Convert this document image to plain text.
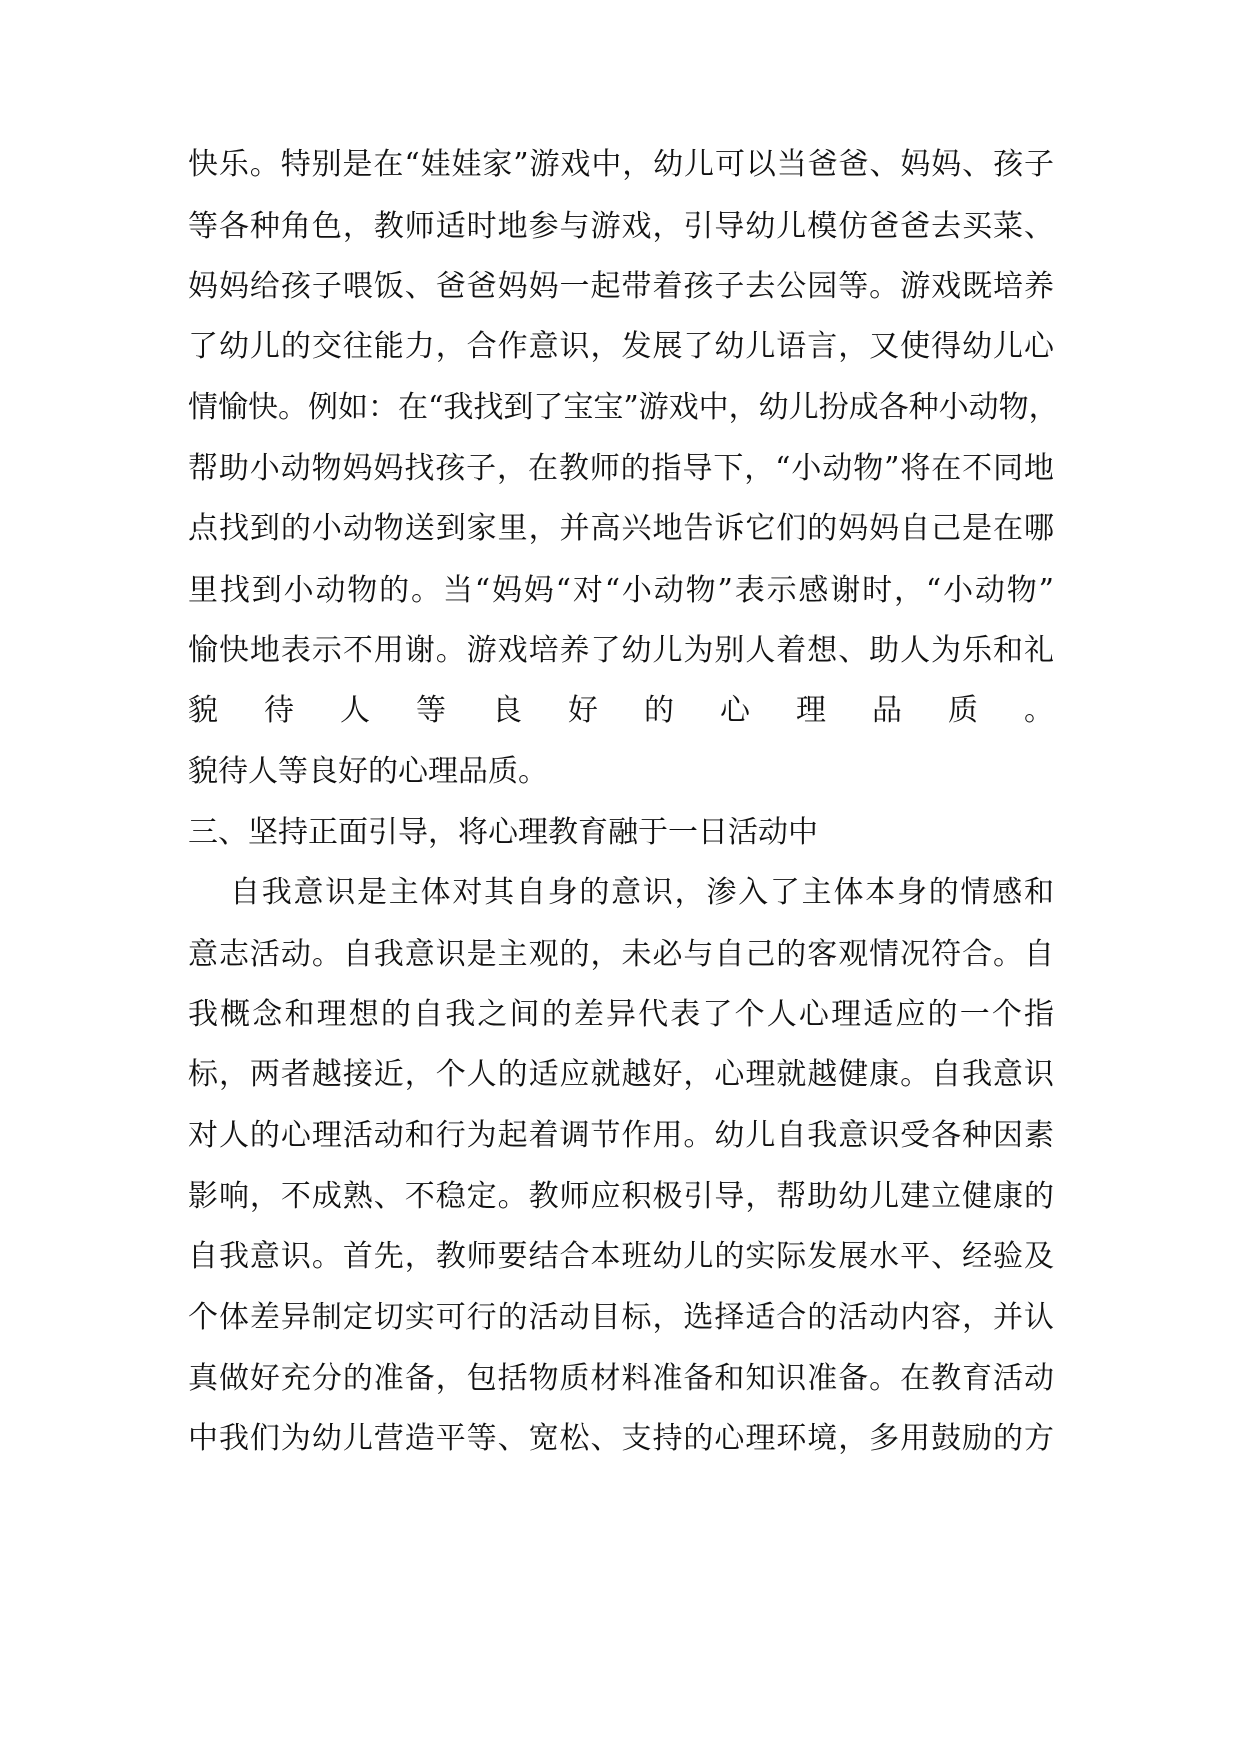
快乐。特别是在“娃娃家”游戏中，幼儿可以当爸爸、妈妈、孩子
等各种角色，教师适时地参与游戏，引导幼儿模仿爸爸去买菜、
妈妈给孩子喂饭、爸爸妈妈一起带着孩子去公园等。游戏既培养
了幼儿的交往能力，合作意识，发展了幼儿语言，又使得幼儿心
情愉快。例如：在“我找到了宝宝”游戏中，幼儿扮成各种小动物，
帮助小动物妈妈找孩子，在教师的指导下，“小动物”将在不同地
点找到的小动物送到家里，并高兴地告诉它们的妈妈自己是在哪
里找到小动物的。当“妈妈“对“小动物”表示感谢时，“小动物”
愉快地表示不用谢。游戏培养了幼儿为别人着想、助人为乐和礼
貌待人等良好的心理品质。
貌待人等良好的心理品质。
三、坚持正面引导，将心理教育融于一日活动中
自我意识是主体对其自身的意识，渗入了主体本身的情感和
意志活动。自我意识是主观的，未必与自己的客观情况符合。自
我概念和理想的自我之间的差异代表了个人心理适应的一个指
标，两者越接近，个人的适应就越好，心理就越健康。自我意识
对人的心理活动和行为起着调节作用。幼儿自我意识受各种因素
影响，不成熟、不稳定。教师应积极引导，帮助幼儿建立健康的
自我意识。首先，教师要结合本班幼儿的实际发展水平、经验及
个体差异制定切实可行的活动目标，选择适合的活动内容，并认
真做好充分的准备，包括物质材料准备和知识准备。在教育活动
中我们为幼儿营造平等、宽松、支持的心理环境，多用鼓励的方
